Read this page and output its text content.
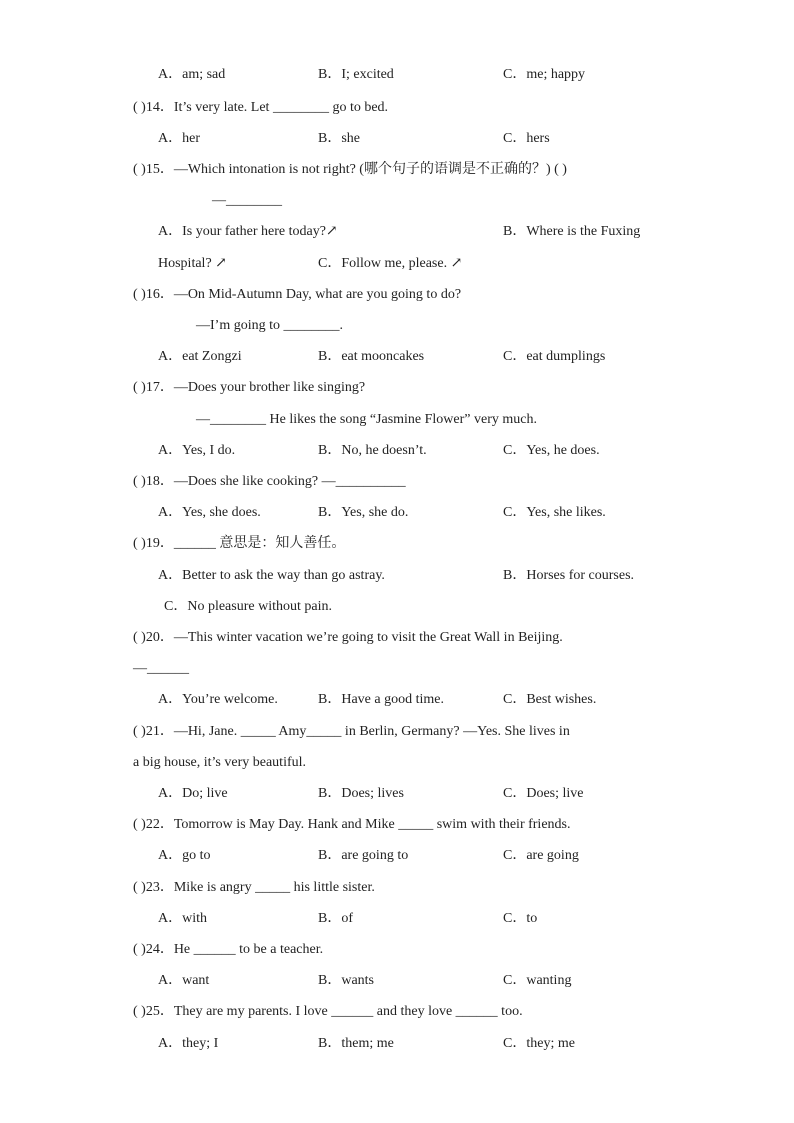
A．am; sad	B．I; excited	C．me; happy
( )14．It’s very late. Let ________ go to bed.
A．her	B．she	C．hers
( )15．—Which intonation is not right? (哪个句子的语调是不正确的？) ( )
—________
A．Is your father here today?↗	B．Where is the Fuxing
Hospital? ↗	C．Follow me, please. ↗
( )16．—On Mid-Autumn Day, what are you going to do?
—I’m going to ________.
A．eat Zongzi	B．eat mooncakes	C．eat dumplings
( )17．—Does your brother like singing?
—________ He likes the song “Jasmine Flower” very much.
A．Yes, I do.	B．No, he doesn’t.	C．Yes, he does.
( )18．—Does she like cooking? —__________
A．Yes, she does.	B．Yes, she do.	C．Yes, she likes.
( )19．______ 意思是：知人善任。
A．Better to ask the way than go astray.	B．Horses for courses.
C．No pleasure without pain.
( )20．—This winter vacation we’re going to visit the Great Wall in Beijing.
—______
A．You’re welcome.	B．Have a good time.	C．Best wishes.
( )21．—Hi, Jane. _____ Amy_____ in Berlin, Germany? —Yes. She lives in
a big house, it’s very beautiful.
A．Do; live	B．Does; lives	C．Does; live
( )22．Tomorrow is May Day. Hank and Mike _____ swim with their friends.
A．go to	B．are going to	C．are going
( )23．Mike is angry _____ his little sister.
A．with	B．of	C．to
( )24．He ______ to be a teacher.
A．want	B．wants	C．wanting
( )25．They are my parents. I love ______ and they love ______ too.
A．they; I	B．them; me	C．they; me
